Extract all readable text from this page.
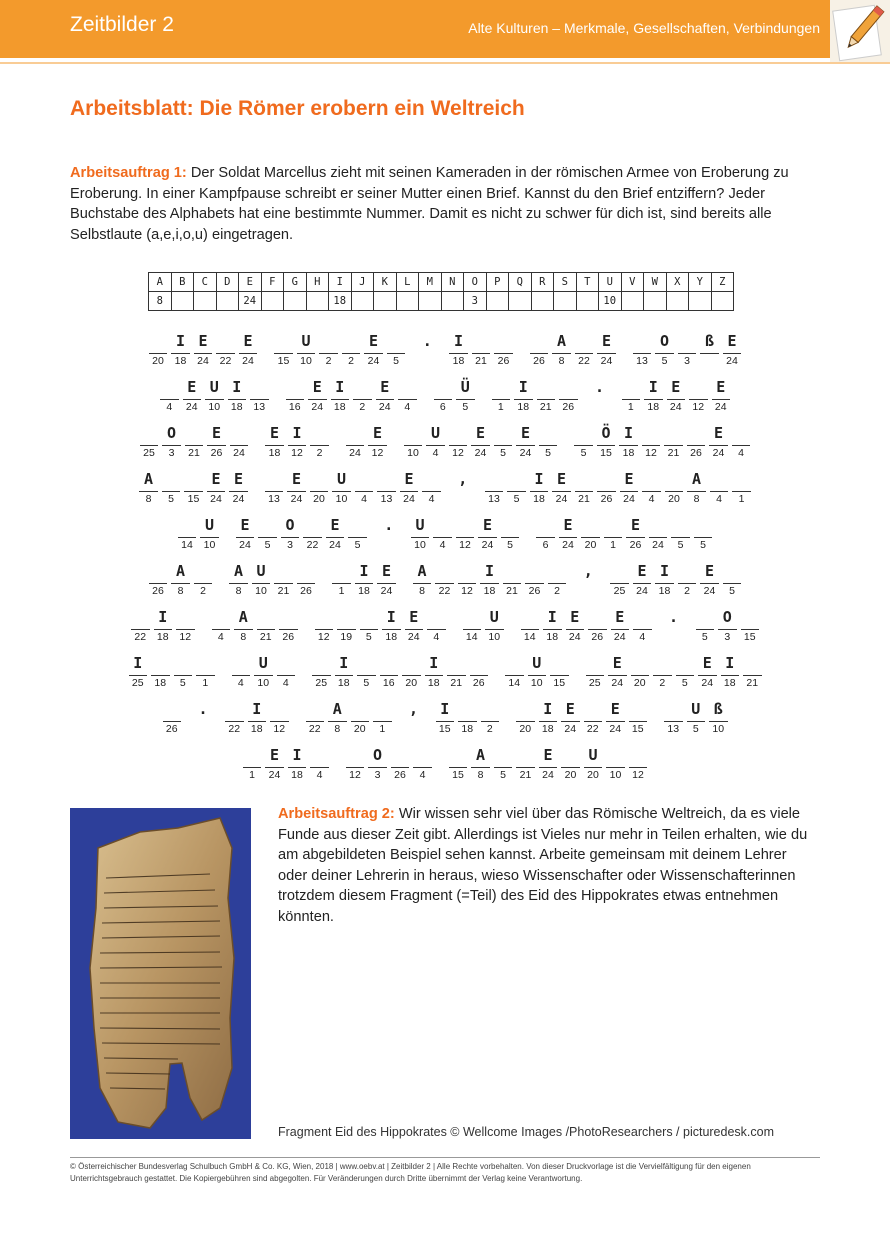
Zeitbilder 2	Alte Kulturen – Merkmale, Gesellschaften, Verbindungen
Arbeitsblatt: Die Römer erobern ein Weltreich
Arbeitsauftrag 1: Der Soldat Marcellus zieht mit seinen Kameraden in der römischen Armee von Eroberung zu Eroberung. In einer Kampfpause schreibt er seiner Mutter einen Brief. Kannst du den Brief entziffern? Jeder Buchstabe des Alphabets hat eine bestimmte Nummer. Damit es nicht zu schwer für dich ist, sind bereits alle Selbstlaute (a,e,i,o,u) eingetragen.
A	B	C	D	E	F	G	H	I	J	K	L	M	N	O	P	Q	R	S	T	U	V	W	X	Y	Z
8				24				18						3						10					
20
I
18
E
24	22
E
24	15
U
10	2	2
E
24	5
.	I
18	21	26	26
A
8	22
E
24	13
O
5	3
ß E
24
4
E
24
U
10
I
18	13	16
E
24
I
18	2
E
24	4	6
Ü
5	1
I
18	21	26
.
1
I
18
E
24	12
E
24
25
O
3	21
E
26	24
E
18
I
12	2	24
E
12	10
U
4	12
E
24	5
E
24	5	5
Ö
15
I
18	12	21	26
E
24	4
A
8	5	15
E
24
E
24	13
E
24	20
U
10	4	13
E
24	4
,
13	5
I
18
E
24	21	26
E
24	4	20
A
8	4	1
14
U
10
E
24	5
O
3	22
E
24	5
.	U
10	4	12
E
24	5	6
E
24	20	1
E
26	24	5	5
26
A
8	2
A
8
U
10	21	26	1
I
18
E
24
A
8	22	12
I
18	21	26	2
,
25
E
24
I
18	2
E
24	5
22
I
18	12	4
A
8	21	26	12	19	5
I
18
E
24	4	14
U
10	14
I
18
E
24	26
E
24	4
.
5
O
3	15
I
25	18	5	1	4
U
10	4	25
I
18	5	16	20
I
18	21	26	14
U
10	15	25
E
24	20	2	5
E
24
I
18	21
26
.
22
I
18	12	22
A
8	20	1
,	I
15	18	2	20
I
18
E
24	22
E
24	15	13
U
5
ß
10
1
E
24
I
18	4	12
O
3	26	4	15
A
8	5	21
E
24	20
U
20	10	12
Arbeitsauftrag 2: Wir wissen sehr viel über das Römische Weltreich, da es viele Funde aus dieser Zeit gibt. Allerdings ist Vieles nur mehr in Teilen erhalten, wie du am abgebildeten Beispiel sehen kannst. Arbeite gemeinsam mit deinem Lehrer oder deiner Lehrerin in heraus, wieso Wissenschafter oder Wissenschafterinnen trotzdem diesem Fragment (=Teil) des Eid des Hippokrates etwas entnehmen könnten.
Fragment Eid des Hippokrates © Wellcome Images /PhotoResearchers / picturedesk.com
© Österreichischer Bundesverlag Schulbuch GmbH & Co. KG, Wien, 2018 | www.oebv.at | Zeitbilder 2 | Alle Rechte vorbehalten. Von dieser Druckvorlage ist die Vervielfältigung für den eigenen Unterrichtsgebrauch gestattet. Die Kopiergebühren sind abgegolten. Für Veränderungen durch Dritte übernimmt der Verlag keine Verantwortung.
